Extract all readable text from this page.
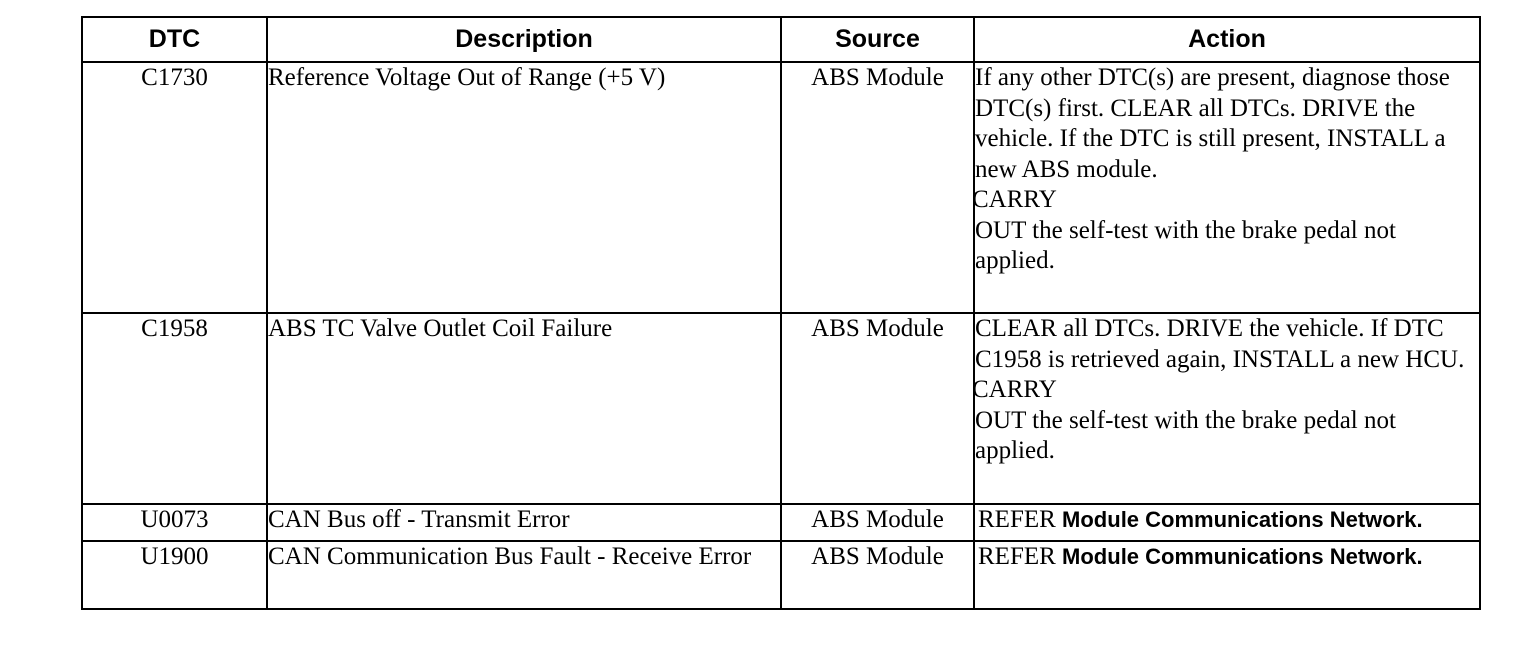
DTC	Description	Source	Action
C1730	Reference Voltage Out of Range (+5 V)	ABS Module	If any other DTC(s) are present, diagnose those DTC(s) first. CLEAR all DTCs. DRIVE the vehicle. If the DTC is still present, INSTALL a new ABS module.
CARRY
OUT the self-test with the brake pedal not applied.

C1958	ABS TC Valve Outlet Coil Failure	ABS Module	CLEAR all DTCs. DRIVE the vehicle. If DTC C1958 is retrieved again, INSTALL a new HCU.
CARRY
OUT the self-test with the brake pedal not applied.

U0073	CAN Bus off - Transmit Error	ABS Module	REFER Module Communications Network.
U1900	CAN Communication Bus Fault - Receive Error	ABS Module	REFER Module Communications Network.
